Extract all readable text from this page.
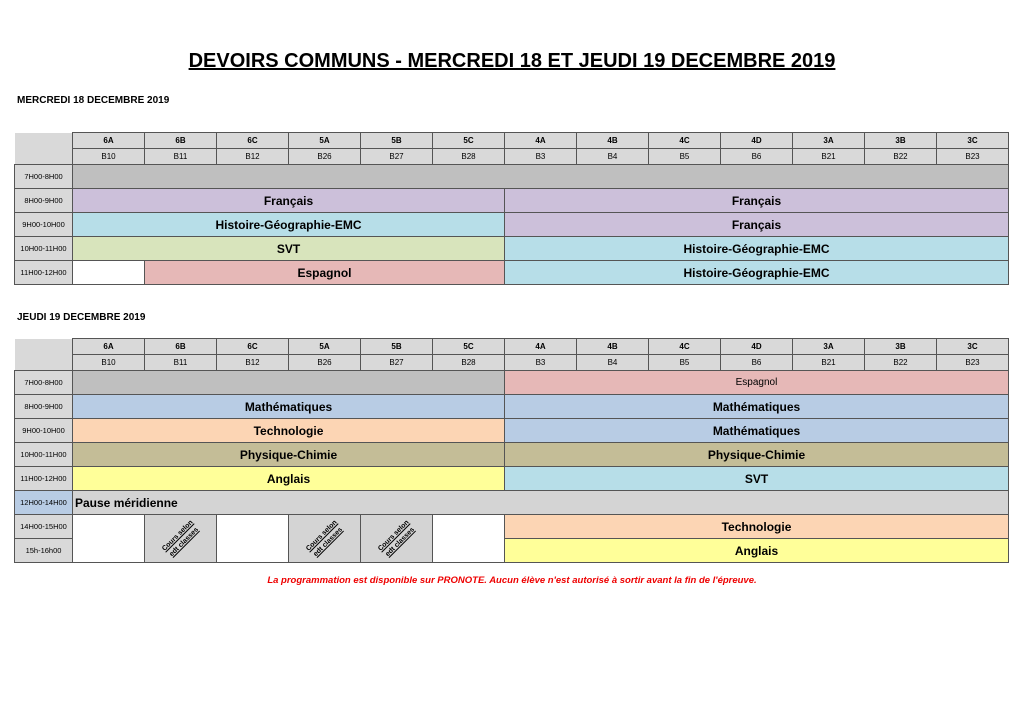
DEVOIRS COMMUNS - MERCREDI 18 ET JEUDI 19 DECEMBRE 2019
MERCREDI 18 DECEMBRE 2019
	6A	6B	6C	5A	5B	5C	4A	4B	4C	4D	3A	3B	3C
	B10	B11	B12	B26	B27	B28	B3	B4	B5	B6	B21	B22	B23
7H00-8H00													
8H00-9H00	Français						Français						
9H00-10H00	Histoire-Géographie-EMC						Français						
10H00-11H00	SVT						Histoire-Géographie-EMC						
11H00-12H00		Espagnol					Histoire-Géographie-EMC						
JEUDI 19 DECEMBRE 2019
	6A	6B	6C	5A	5B	5C	4A	4B	4C	4D	3A	3B	3C
	B10	B11	B12	B26	B27	B28	B3	B4	B5	B6	B21	B22	B23
7H00-8H00							Espagnol						
8H00-9H00	Mathématiques						Mathématiques						
9H00-10H00	Technologie						Mathématiques						
10H00-11H00	Physique-Chimie						Physique-Chimie						
11H00-12H00	Anglais						SVT						
12H00-14H00	Pause méridienne												
14H00-15H00		Cours selon edt classes		Cours selon edt classes	Cours selon edt classes		Technologie						
15h-16h00							Anglais						
La programmation est disponible sur PRONOTE. Aucun élève n'est autorisé à sortir avant la fin de l'épreuve.
